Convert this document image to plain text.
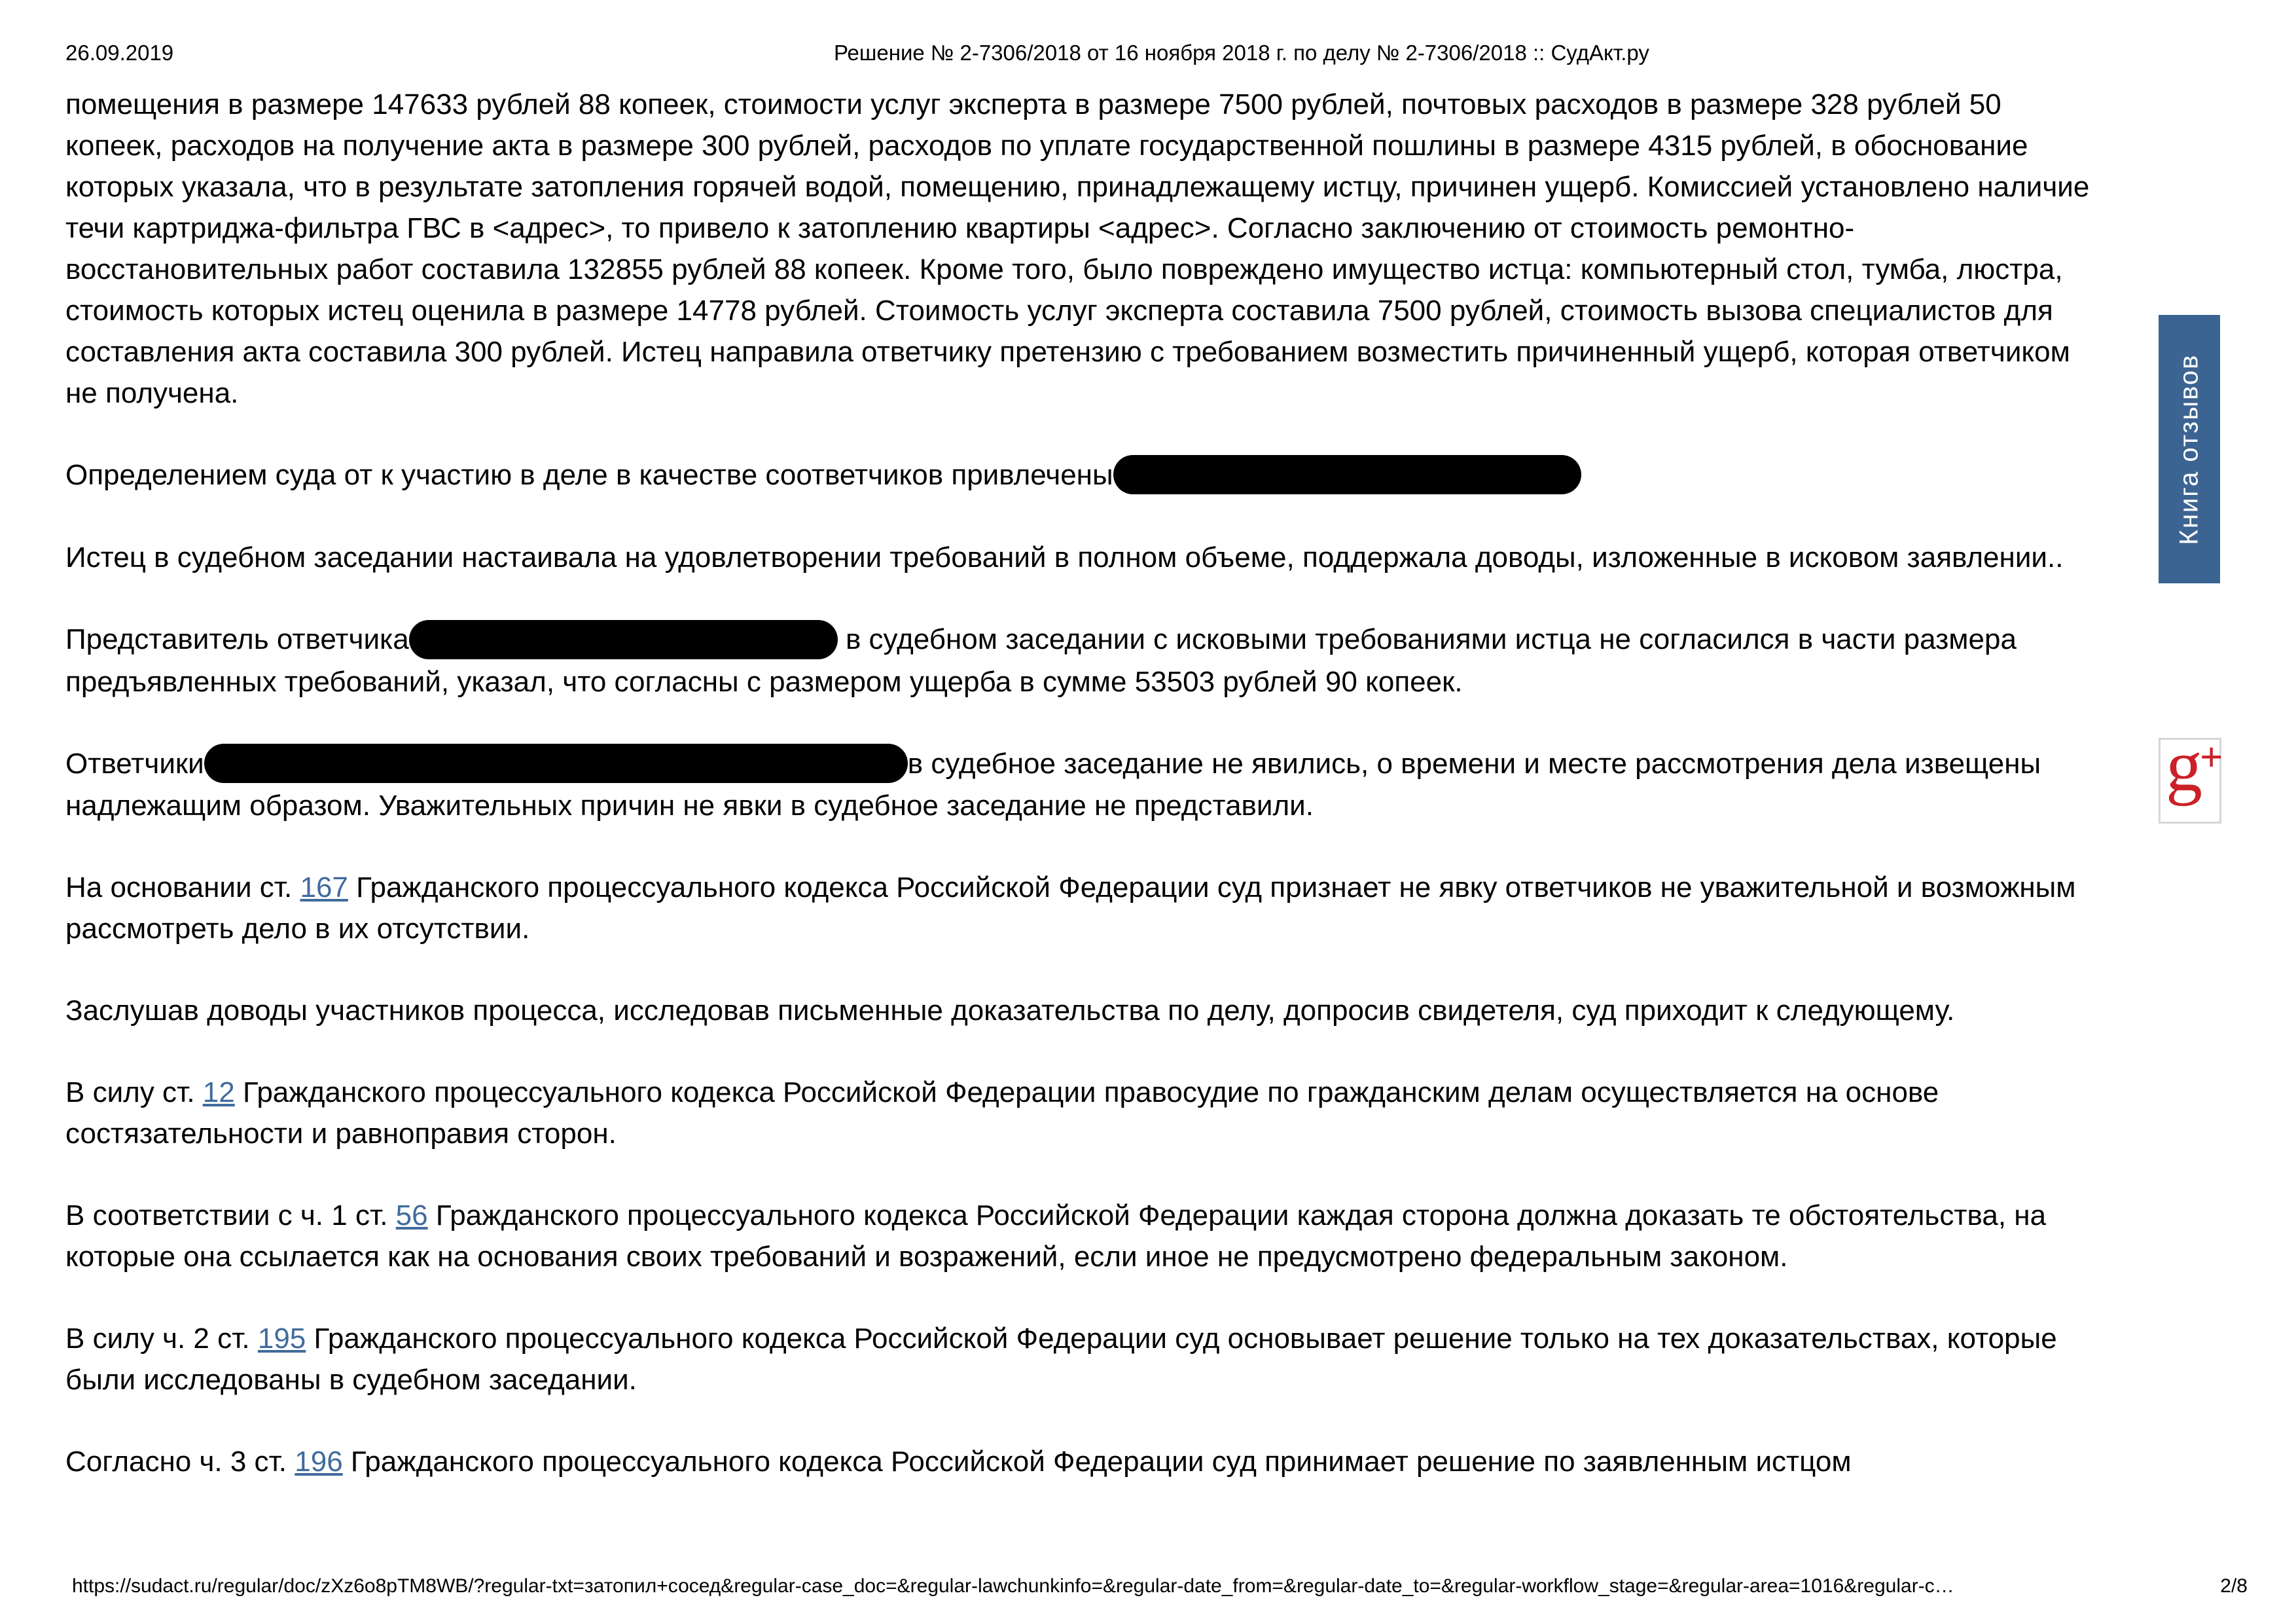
26.09.2019	Решение № 2-7306/2018 от 16 ноября 2018 г. по делу № 2-7306/2018 :: СудАкт.ру

помещения в размере 147633 рублей 88 копеек, стоимости услуг эксперта в размере 7500 рублей, почтовых расходов в размере 328 рублей 50 копеек, расходов на получение акта в размере 300 рублей, расходов по уплате государственной пошлины в размере 4315 рублей, в обоснование которых указала, что в результате затопления горячей водой, помещению, принадлежащему истцу, причинен ущерб. Комиссией установлено наличие течи картриджа-фильтра ГВС в <адрес>, то привело к затоплению квартиры <адрес>. Согласно заключению от стоимость ремонтно-восстановительных работ составила 132855 рублей 88 копеек. Кроме того, было повреждено имущество истца: компьютерный стол, тумба, люстра, стоимость которых истец оценила в размере 14778 рублей. Стоимость услуг эксперта составила 7500 рублей, стоимость вызова специалистов для составления акта составила 300 рублей. Истец направила ответчику претензию с требованием возместить причиненный ущерб, которая ответчиком не получена.

Определением суда от к участию в деле в качестве соответчиков привлечены

Истец в судебном заседании настаивала на удовлетворении требований в полном объеме, поддержала доводы, изложенные в исковом заявлении..

Представитель ответчика	в судебном заседании с исковыми требованиями истца не согласился в части размера предъявленных требований, указал, что согласны с размером ущерба в сумме 53503 рублей 90 копеек.

Ответчики	в судебное заседание не явились, о времени и месте рассмотрения дела извещены надлежащим образом. Уважительных причин не явки в судебное заседание не представили.

На основании ст. 167 Гражданского процессуального кодекса Российской Федерации суд признает не явку ответчиков не уважительной и возможным рассмотреть дело в их отсутствии.

Заслушав доводы участников процесса, исследовав письменные доказательства по делу, допросив свидетеля, суд приходит к следующему.

В силу ст. 12 Гражданского процессуального кодекса Российской Федерации правосудие по гражданским делам осуществляется на основе состязательности и равноправия сторон.

В соответствии с ч. 1 ст. 56 Гражданского процессуального кодекса Российской Федерации каждая сторона должна доказать те обстоятельства, на которые она ссылается как на основания своих требований и возражений, если иное не предусмотрено федеральным законом.

В силу ч. 2 ст. 195 Гражданского процессуального кодекса Российской Федерации суд основывает решение только на тех доказательствах, которые были исследованы в судебном заседании.

Согласно ч. 3 ст. 196 Гражданского процессуального кодекса Российской Федерации суд принимает решение по заявленным истцом

Книга отзывов
g
+
https://sudact.ru/regular/doc/zXz6o8pTM8WB/?regular-txt=затопил+сосед&regular-case_doc=&regular-lawchunkinfo=&regular-date_from=&regular-date_to=&regular-workflow_stage=&regular-area=1016&regular-c…	2/8
